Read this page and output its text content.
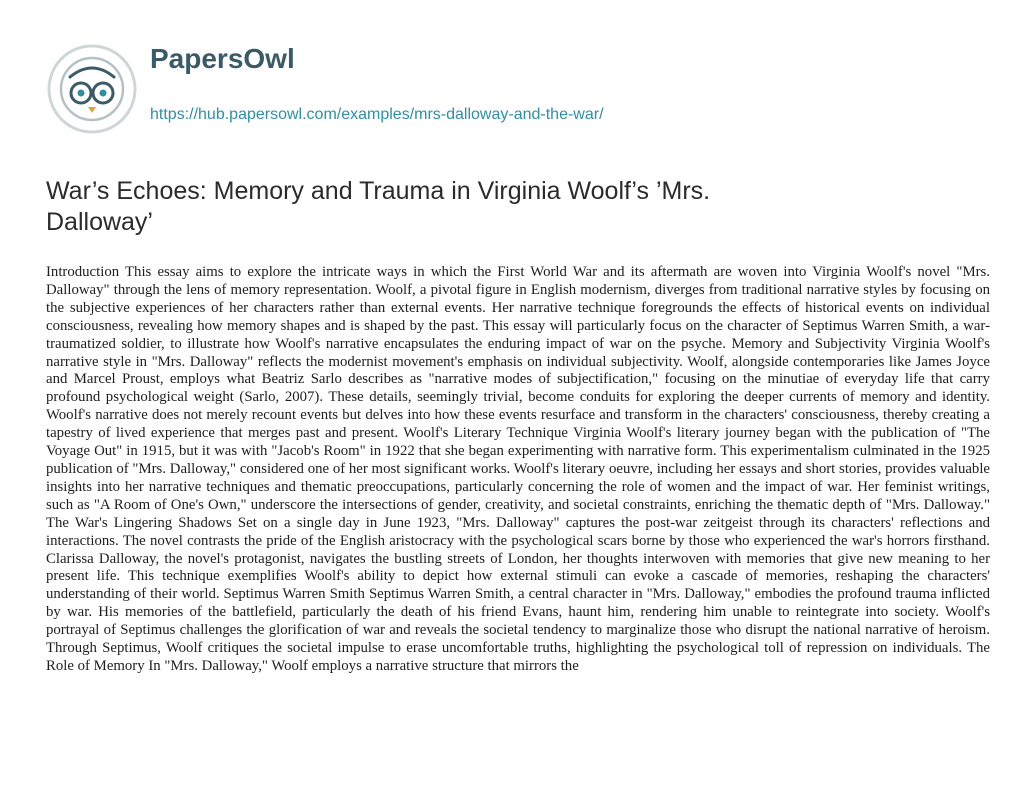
PapersOwl
https://hub.papersowl.com/examples/mrs-dalloway-and-the-war/
War’s Echoes: Memory and Trauma in Virginia Woolf’s ’Mrs. Dalloway’

Introduction This essay aims to explore the intricate ways in which the First World War and its aftermath are woven into Virginia Woolf's novel "Mrs. Dalloway" through the lens of memory representation. Woolf, a pivotal figure in English modernism, diverges from traditional narrative styles by focusing on the subjective experiences of her characters rather than external events. Her narrative technique foregrounds the effects of historical events on individual consciousness, revealing how memory shapes and is shaped by the past. This essay will particularly focus on the character of Septimus Warren Smith, a war-traumatized soldier, to illustrate how Woolf's narrative encapsulates the enduring impact of war on the psyche. Memory and Subjectivity Virginia Woolf's narrative style in "Mrs. Dalloway" reflects the modernist movement's emphasis on individual subjectivity. Woolf, alongside contemporaries like James Joyce and Marcel Proust, employs what Beatriz Sarlo describes as "narrative modes of subjectification," focusing on the minutiae of everyday life that carry profound psychological weight (Sarlo, 2007). These details, seemingly trivial, become conduits for exploring the deeper currents of memory and identity. Woolf's narrative does not merely recount events but delves into how these events resurface and transform in the characters' consciousness, thereby creating a tapestry of lived experience that merges past and present. Woolf's Literary Technique Virginia Woolf's literary journey began with the publication of "The Voyage Out" in 1915, but it was with "Jacob's Room" in 1922 that she began experimenting with narrative form. This experimentalism culminated in the 1925 publication of "Mrs. Dalloway," considered one of her most significant works. Woolf's literary oeuvre, including her essays and short stories, provides valuable insights into her narrative techniques and thematic preoccupations, particularly concerning the role of women and the impact of war. Her feminist writings, such as "A Room of One's Own," underscore the intersections of gender, creativity, and societal constraints, enriching the thematic depth of "Mrs. Dalloway." The War's Lingering Shadows Set on a single day in June 1923, "Mrs. Dalloway" captures the post-war zeitgeist through its characters' reflections and interactions. The novel contrasts the pride of the English aristocracy with the psychological scars borne by those who experienced the war's horrors firsthand. Clarissa Dalloway, the novel's protagonist, navigates the bustling streets of London, her thoughts interwoven with memories that give new meaning to her present life. This technique exemplifies Woolf's ability to depict how external stimuli can evoke a cascade of memories, reshaping the characters' understanding of their world. Septimus Warren Smith Septimus Warren Smith, a central character in "Mrs. Dalloway," embodies the profound trauma inflicted by war. His memories of the battlefield, particularly the death of his friend Evans, haunt him, rendering him unable to reintegrate into society. Woolf's portrayal of Septimus challenges the glorification of war and reveals the societal tendency to marginalize those who disrupt the national narrative of heroism. Through Septimus, Woolf critiques the societal impulse to erase uncomfortable truths, highlighting the psychological toll of repression on individuals. The Role of Memory In "Mrs. Dalloway," Woolf employs a narrative structure that mirrors the
